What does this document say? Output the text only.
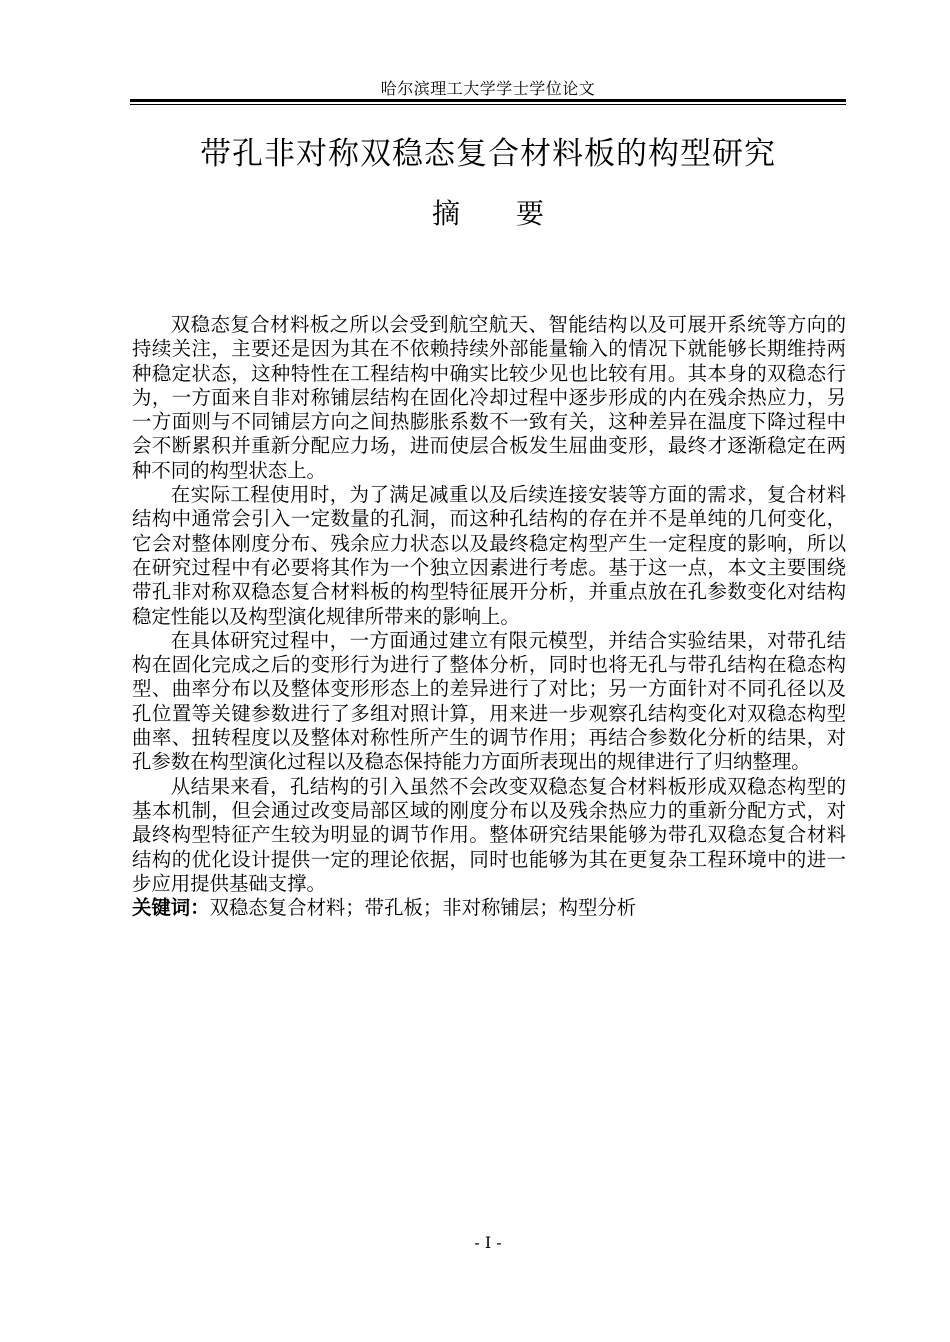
哈尔滨理工大学学士学位论文
带孔非对称双稳态复合材料板的构型研究
摘要

双稳态复合材料板之所以会受到航空航天、智能结构以及可展开系统等方向的持续关注，主要还是因为其在不依赖持续外部能量输入的情况下就能够长期维持两种稳定状态，这种特性在工程结构中确实比较少见也比较有用。其本身的双稳态行为，一方面来自非对称铺层结构在固化冷却过程中逐步形成的内在残余热应力，另一方面则与不同铺层方向之间热膨胀系数不一致有关，这种差异在温度下降过程中会不断累积并重新分配应力场，进而使层合板发生屈曲变形，最终才逐渐稳定在两种不同的构型状态上。

在实际工程使用时，为了满足减重以及后续连接安装等方面的需求，复合材料结构中通常会引入一定数量的孔洞，而这种孔结构的存在并不是单纯的几何变化，它会对整体刚度分布、残余应力状态以及最终稳定构型产生一定程度的影响，所以在研究过程中有必要将其作为一个独立因素进行考虑。基于这一点，本文主要围绕带孔非对称双稳态复合材料板的构型特征展开分析，并重点放在孔参数变化对结构稳定性能以及构型演化规律所带来的影响上。

在具体研究过程中，一方面通过建立有限元模型，并结合实验结果，对带孔结构在固化完成之后的变形行为进行了整体分析，同时也将无孔与带孔结构在稳态构型、曲率分布以及整体变形形态上的差异进行了对比；另一方面针对不同孔径以及孔位置等关键参数进行了多组对照计算，用来进一步观察孔结构变化对双稳态构型曲率、扭转程度以及整体对称性所产生的调节作用；再结合参数化分析的结果，对孔参数在构型演化过程以及稳态保持能力方面所表现出的规律进行了归纳整理。

从结果来看，孔结构的引入虽然不会改变双稳态复合材料板形成双稳态构型的基本机制，但会通过改变局部区域的刚度分布以及残余热应力的重新分配方式，对最终构型特征产生较为明显的调节作用。整体研究结果能够为带孔双稳态复合材料结构的优化设计提供一定的理论依据，同时也能够为其在更复杂工程环境中的进一步应用提供基础支撑。

关键词：双稳态复合材料；带孔板；非对称铺层；构型分析

- I -
